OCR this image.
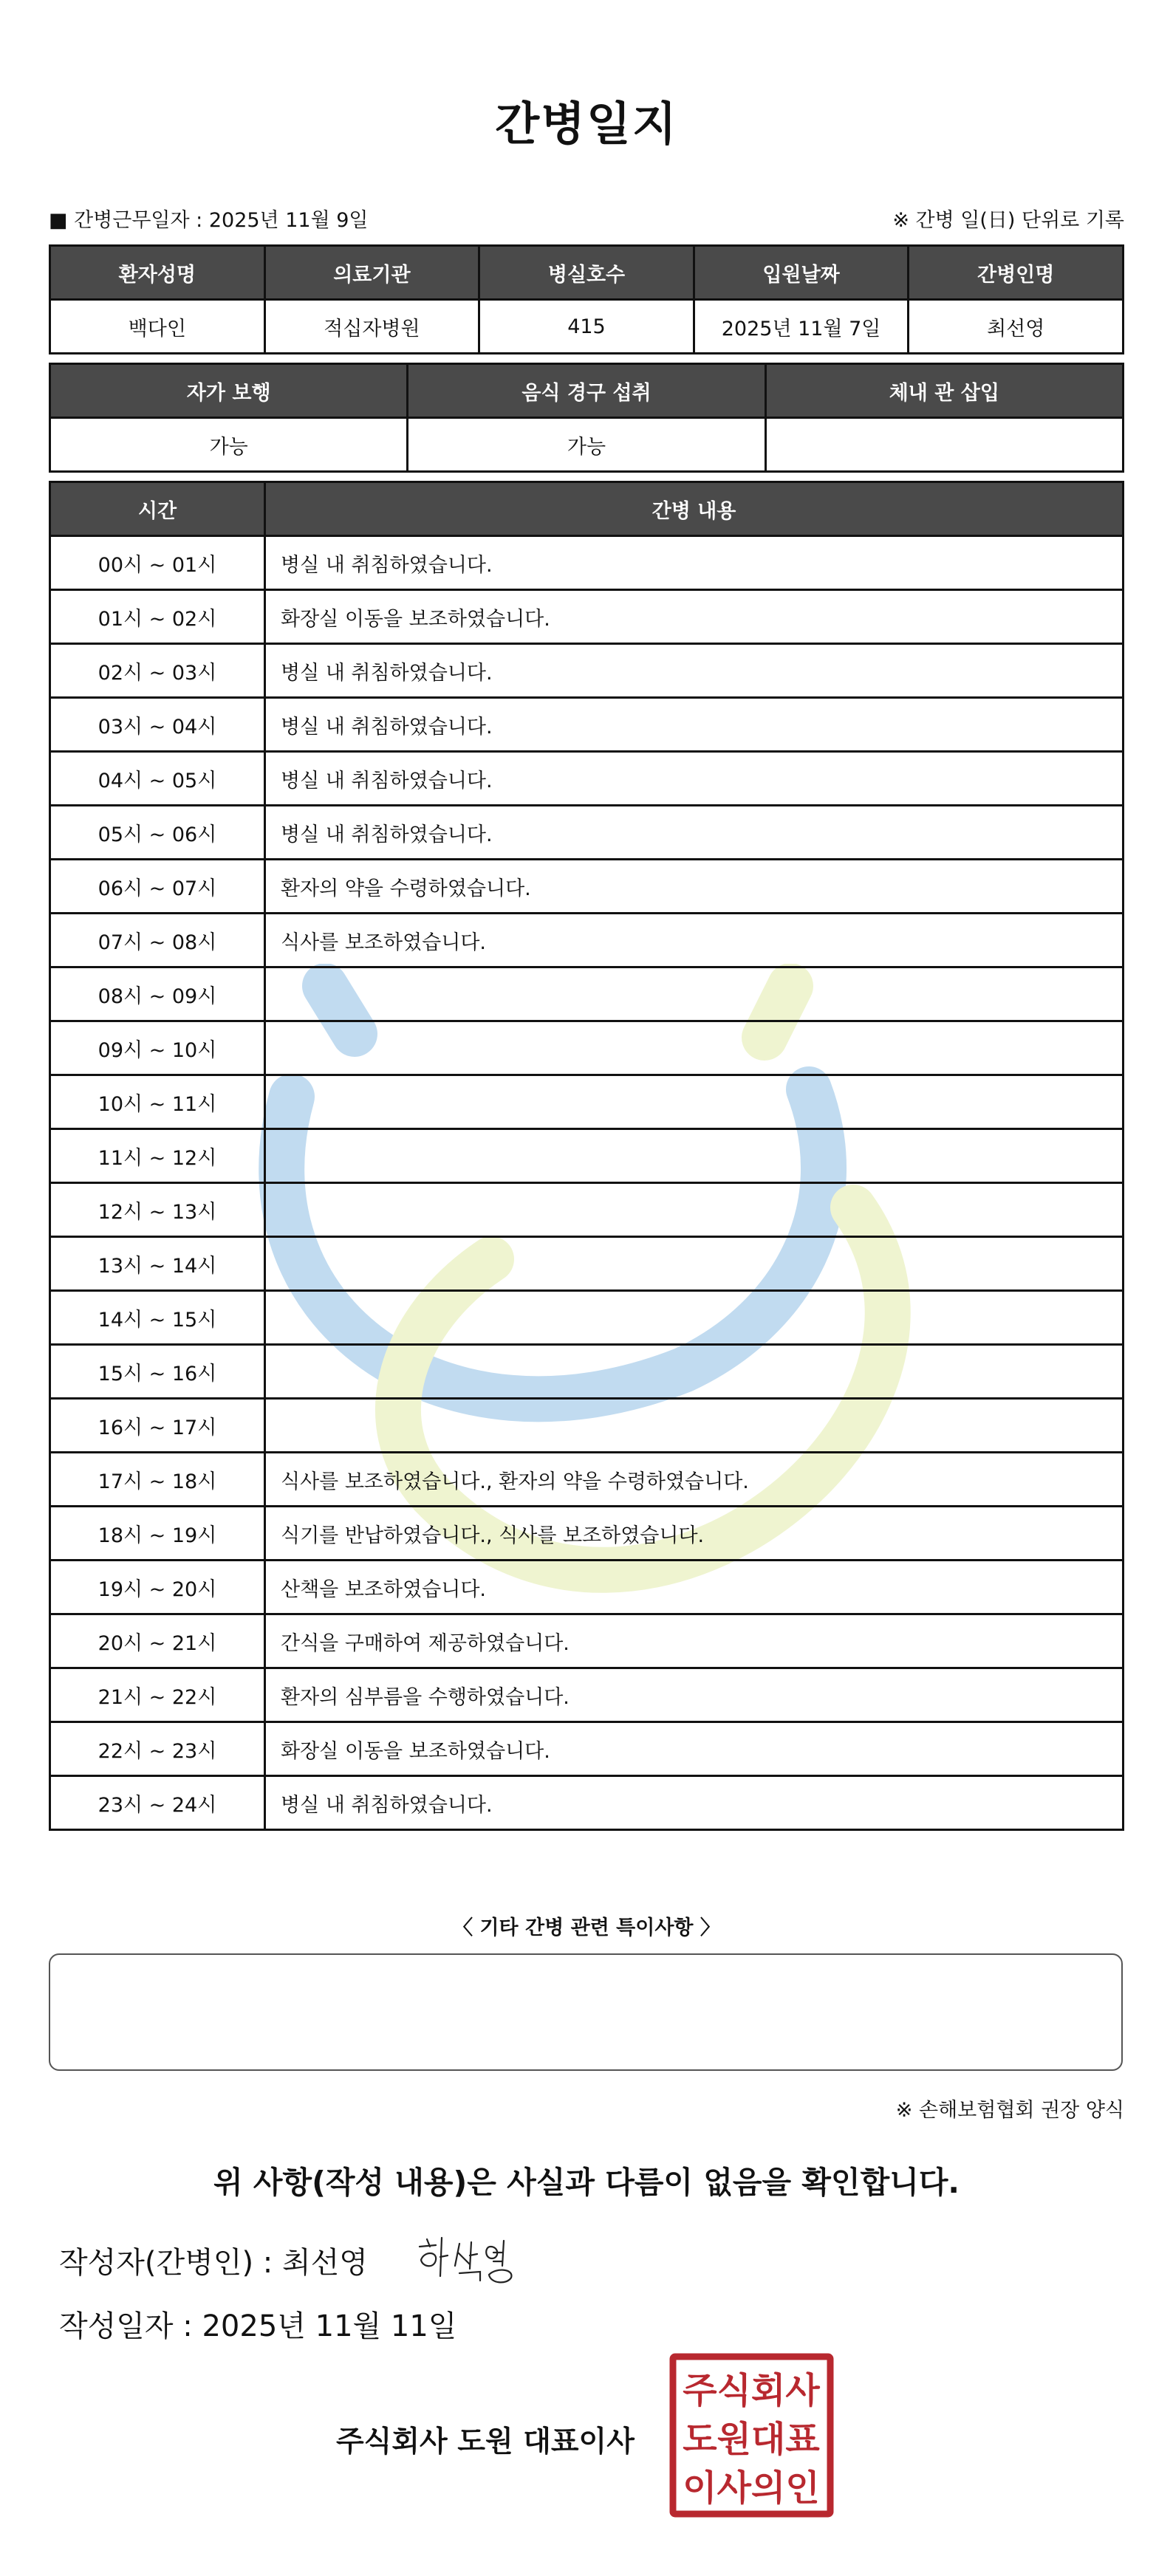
간병일지
■ 간병근무일자 : 2025년 11월 9일	※ 간병 일(日) 단위로 기록
환자성명	의료기관	병실호수	입원날짜	간병인명
백다인	적십자병원	415	2025년 11월 7일	최선영
자가 보행	음식 경구 섭취	체내 관 삽입
가능	가능	
시간	간병 내용
00시 ~ 01시	병실 내 취침하였습니다.
01시 ~ 02시	화장실 이동을 보조하였습니다.
02시 ~ 03시	병실 내 취침하였습니다.
03시 ~ 04시	병실 내 취침하였습니다.
04시 ~ 05시	병실 내 취침하였습니다.
05시 ~ 06시	병실 내 취침하였습니다.
06시 ~ 07시	환자의 약을 수령하였습니다.
07시 ~ 08시	식사를 보조하였습니다.
08시 ~ 09시	
09시 ~ 10시	
10시 ~ 11시	
11시 ~ 12시	
12시 ~ 13시	
13시 ~ 14시	
14시 ~ 15시	
15시 ~ 16시	
16시 ~ 17시	
17시 ~ 18시	식사를 보조하였습니다., 환자의 약을 수령하였습니다.
18시 ~ 19시	식기를 반납하였습니다., 식사를 보조하였습니다.
19시 ~ 20시	산책을 보조하였습니다.
20시 ~ 21시	간식을 구매하여 제공하였습니다.
21시 ~ 22시	환자의 심부름을 수행하였습니다.
22시 ~ 23시	화장실 이동을 보조하였습니다.
23시 ~ 24시	병실 내 취침하였습니다.
〈 기타 간병 관련 특이사항 〉
※ 손해보험협회 권장 양식
위 사항(작성 내용)은 사실과 다름이 없음을 확인합니다.
작성자(간병인) : 최선영
작성일자 : 2025년 11월 11일
주식회사 도원 대표이사
주식회사
도원대표
이사의인
